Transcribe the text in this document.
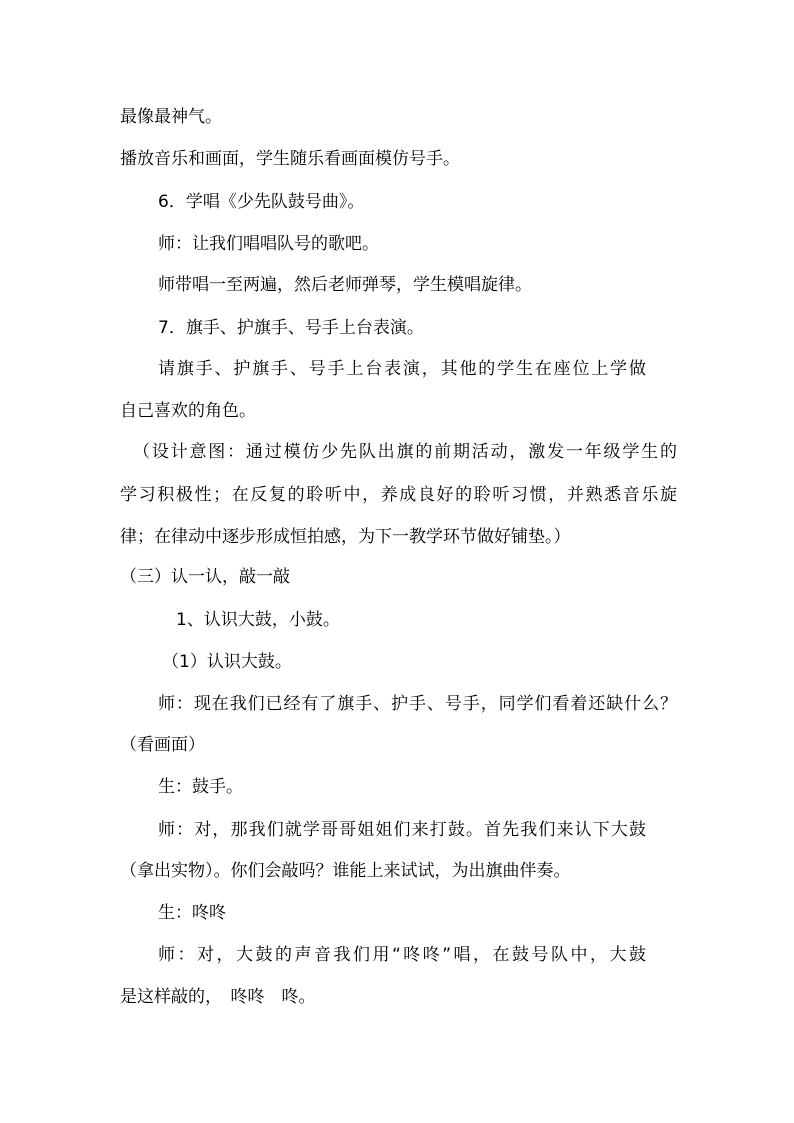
最像最神气。
播放音乐和画面，学生随乐看画面模仿号手。
6．学唱《少先队鼓号曲》。
师：让我们唱唱队号的歌吧。
师带唱一至两遍，然后老师弹琴，学生模唱旋律。
7．旗手、护旗手、号手上台表演。
请旗手、护旗手、号手上台表演，其他的学生在座位上学做
自己喜欢的角色。
（设计意图：通过模仿少先队出旗的前期活动，激发一年级学生的
学习积极性；在反复的聆听中，养成良好的聆听习惯，并熟悉音乐旋
律；在律动中逐步形成恒拍感，为下一教学环节做好铺垫。）
（三）认一认，敲一敲
1、认识大鼓，小鼓。
（1）认识大鼓。
师：现在我们已经有了旗手、护手、号手，同学们看着还缺什么？
（看画面）
生：鼓手。
师：对，那我们就学哥哥姐姐们来打鼓。首先我们来认下大鼓
（拿出实物）。你们会敲吗？谁能上来试试，为出旗曲伴奏。
生：咚咚
师：对，大鼓的声音我们用“咚咚”唱，在鼓号队中，大鼓
是这样敲的，　咚咚　咚。
